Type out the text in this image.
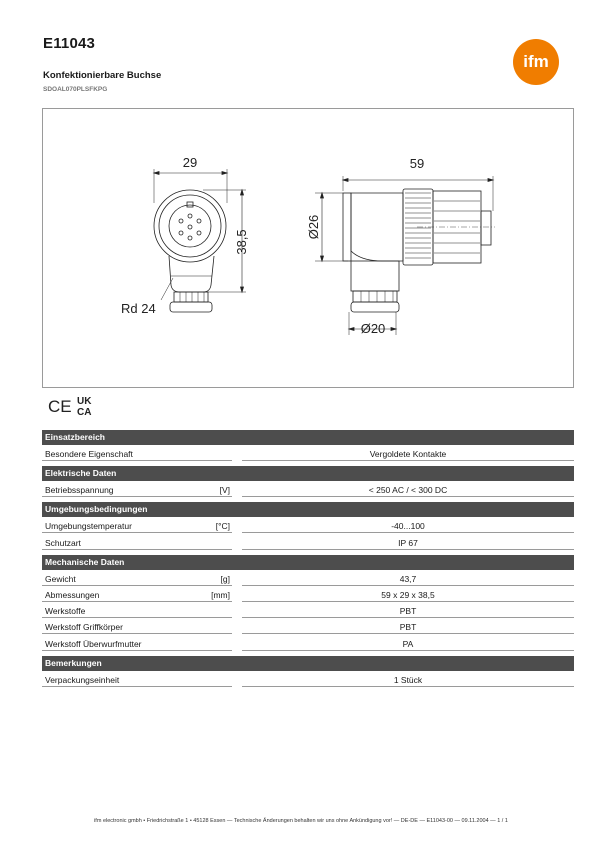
E11043
Konfektionierbare Buchse
SDOAL070PLSFKPG
ifm
29
38,5
Rd 24
59
Ø26
Ø20
CE UK
CA
Einsatzbereich
Besondere Eigenschaft	Vergoldete Kontakte
Elektrische Daten
Betriebsspannung	[V]	< 250 AC / < 300 DC
Umgebungsbedingungen
Umgebungstemperatur	[°C]	-40...100
Schutzart	IP 67
Mechanische Daten
Gewicht	[g]	43,7
Abmessungen	[mm]	59 x 29 x 38,5
Werkstoffe	PBT
Werkstoff Griffkörper	PBT
Werkstoff Überwurfmutter	PA
Bemerkungen
Verpackungseinheit	1 Stück
ifm electronic gmbh • Friedrichstraße 1 • 45128 Essen — Technische Änderungen behalten wir uns ohne Ankündigung vor! — DE-DE — E11043-00 — 09.11.2004 — 1 / 1
